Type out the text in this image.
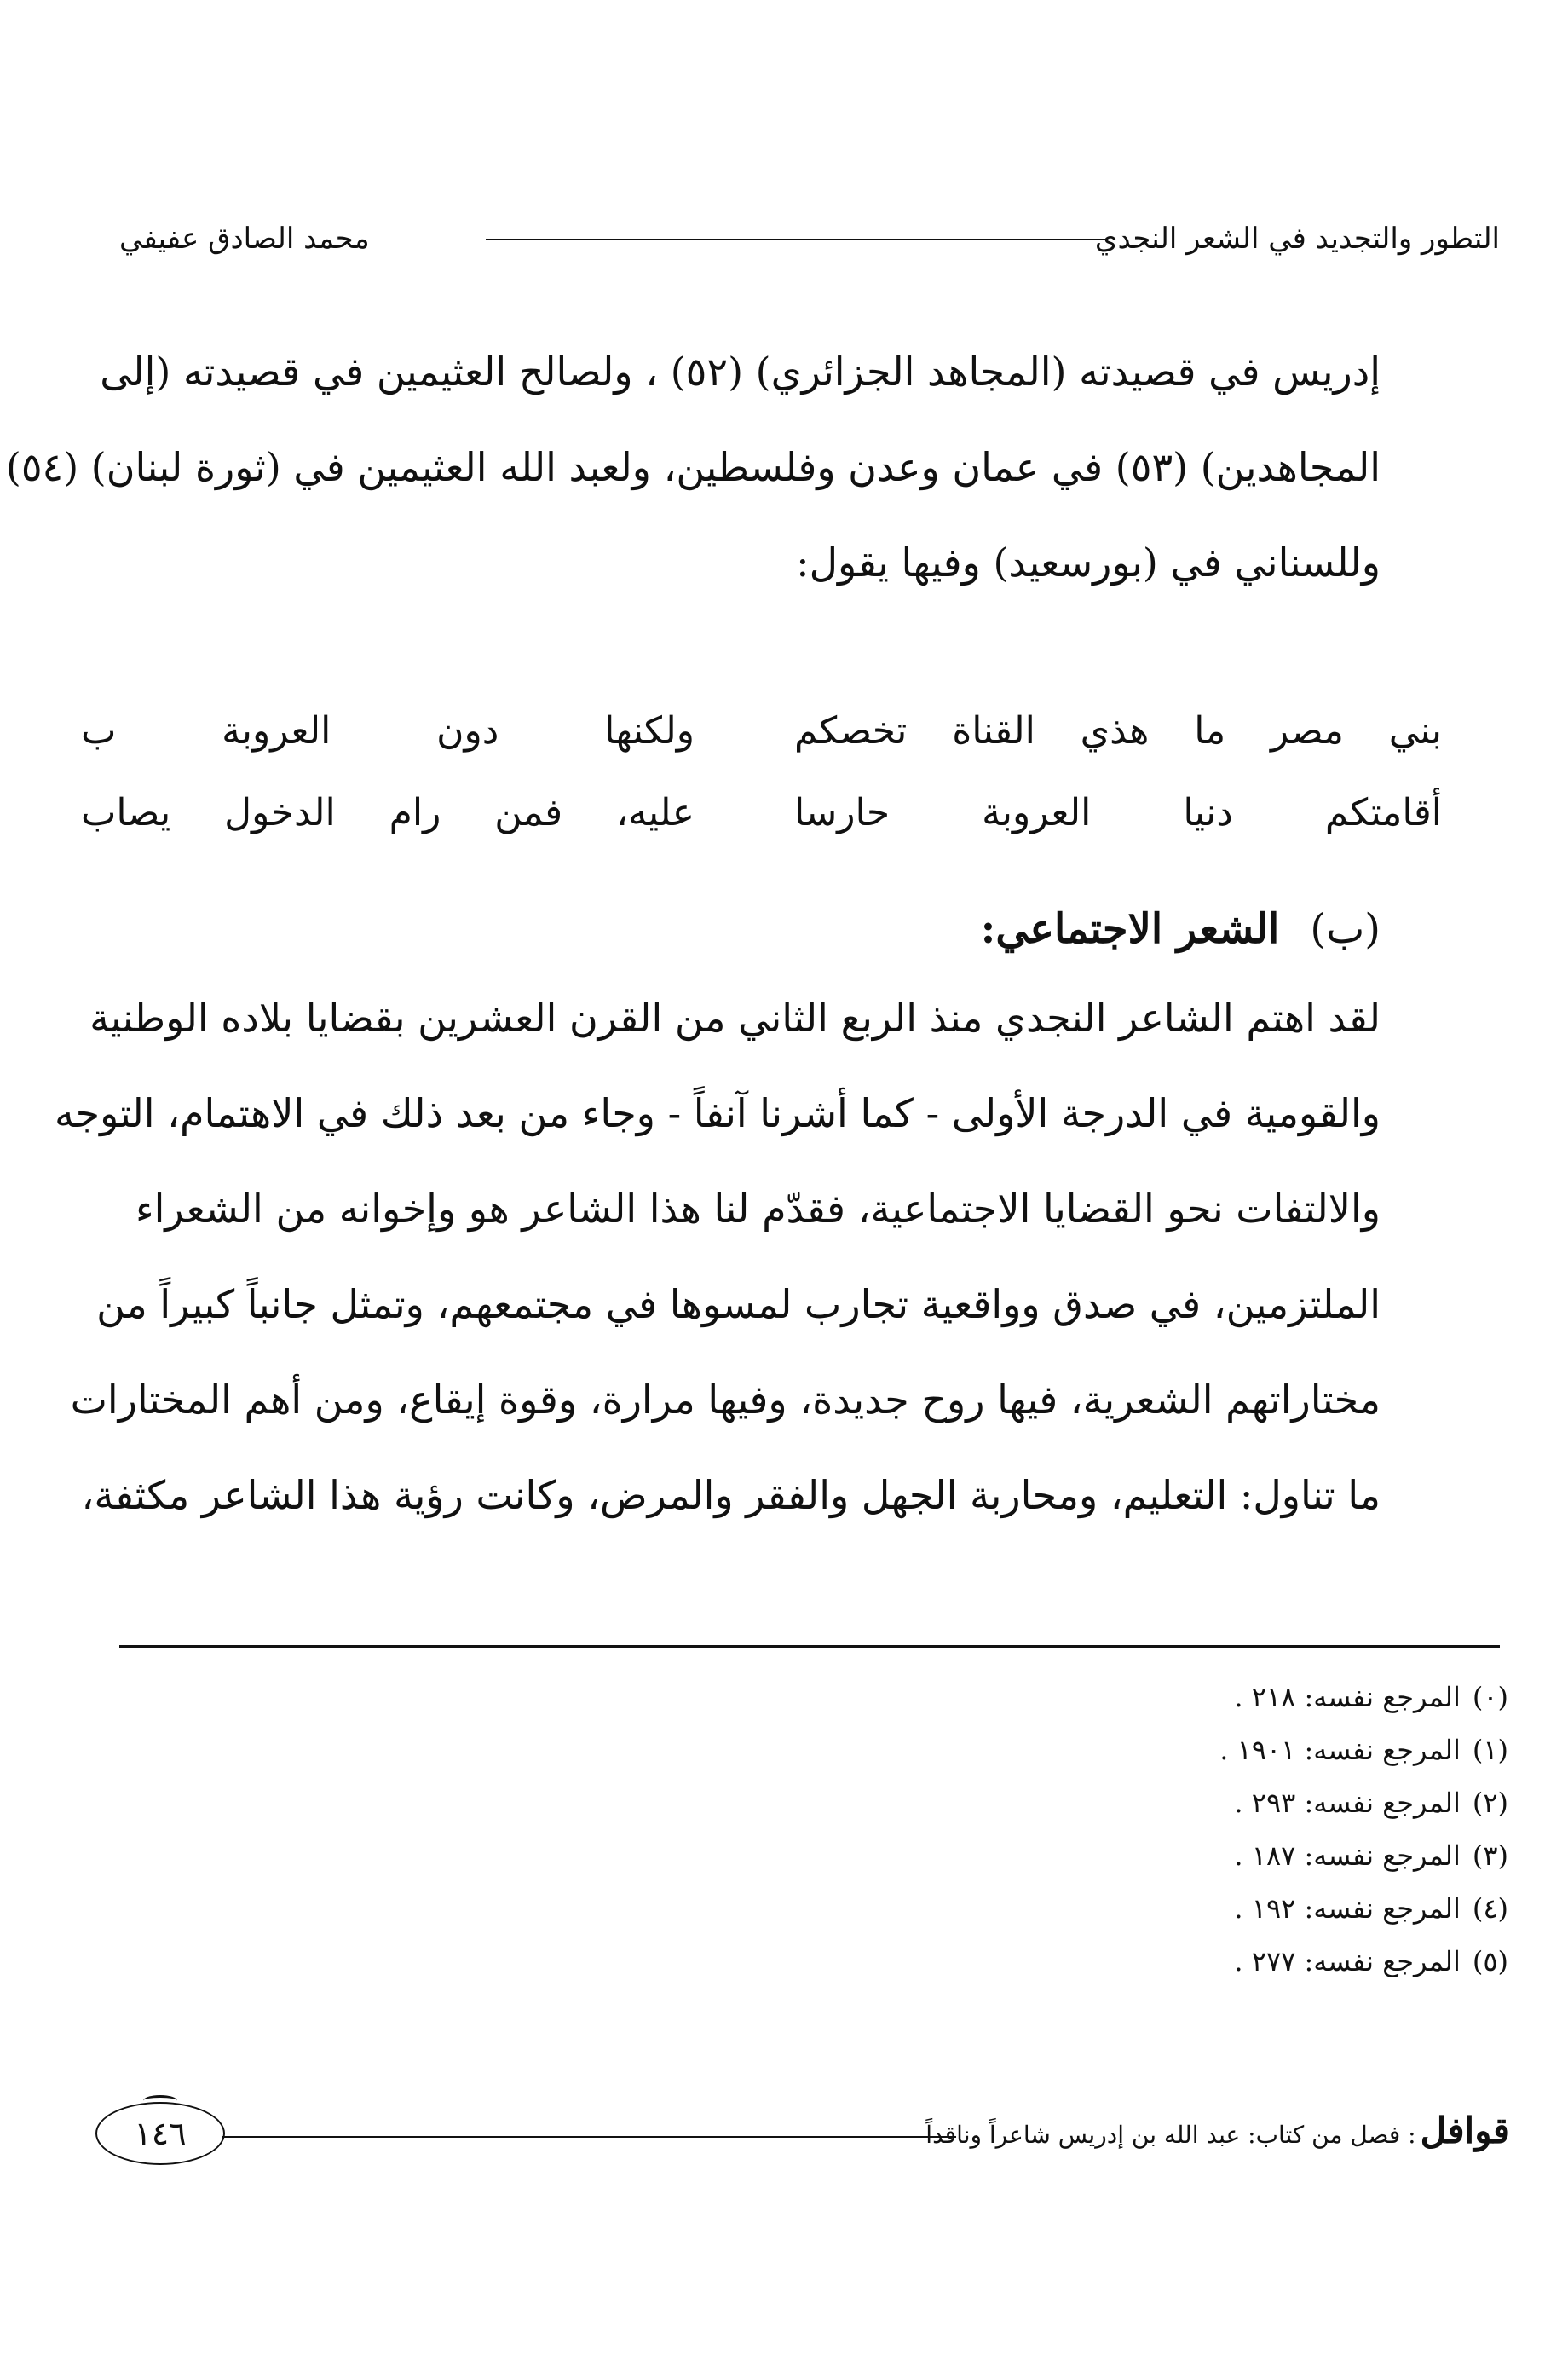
التطور والتجديد في الشعر النجدي
محمد الصادق عفيفي
إدريس في قصيدته (المجاهد الجزائري) (٥٢) ، ولصالح العثيمين في قصيدته (إلى
المجاهدين) (٥٣) في عمان وعدن وفلسطين، ولعبد الله العثيمين في (ثورة لبنان) (٥٤)
وللسناني في (بورسعيد) وفيها يقول:
بني مصر ما هذي القناة تخصكم
ولكنها دون العروبة ب
أقامتكم دنيا العروبة حارسا
عليه، فمن رام الدخول يصاب
(ب)الشعر الاجتماعي:
لقد اهتم الشاعر النجدي منذ الربع الثاني من القرن العشرين بقضايا بلاده الوطنية
والقومية في الدرجة الأولى - كما أشرنا آنفاً - وجاء من بعد ذلك في الاهتمام، التوجه
والالتفات نحو القضايا الاجتماعية، فقدّم لنا هذا الشاعر هو وإخوانه من الشعراء
الملتزمين، في صدق وواقعية تجارب لمسوها في مجتمعهم، وتمثل جانباً كبيراً من
مختاراتهم الشعرية، فيها روح جديدة، وفيها مرارة، وقوة إيقاع، ومن أهم المختارات
ما تناول: التعليم، ومحاربة الجهل والفقر والمرض، وكانت رؤية هذا الشاعر مكثفة،
(٠)المرجع نفسه: ٢١٨ .
(١)المرجع نفسه: ١٩٠١ .
(٢)المرجع نفسه: ٢٩٣ .
(٣)المرجع نفسه: ١٨٧ .
(٤)المرجع نفسه: ١٩٢ .
(٥)المرجع نفسه: ٢٧٧ .
قوافل : فصل من كتاب: عبد الله بن إدريس شاعراً وناقداً
١٤٦
